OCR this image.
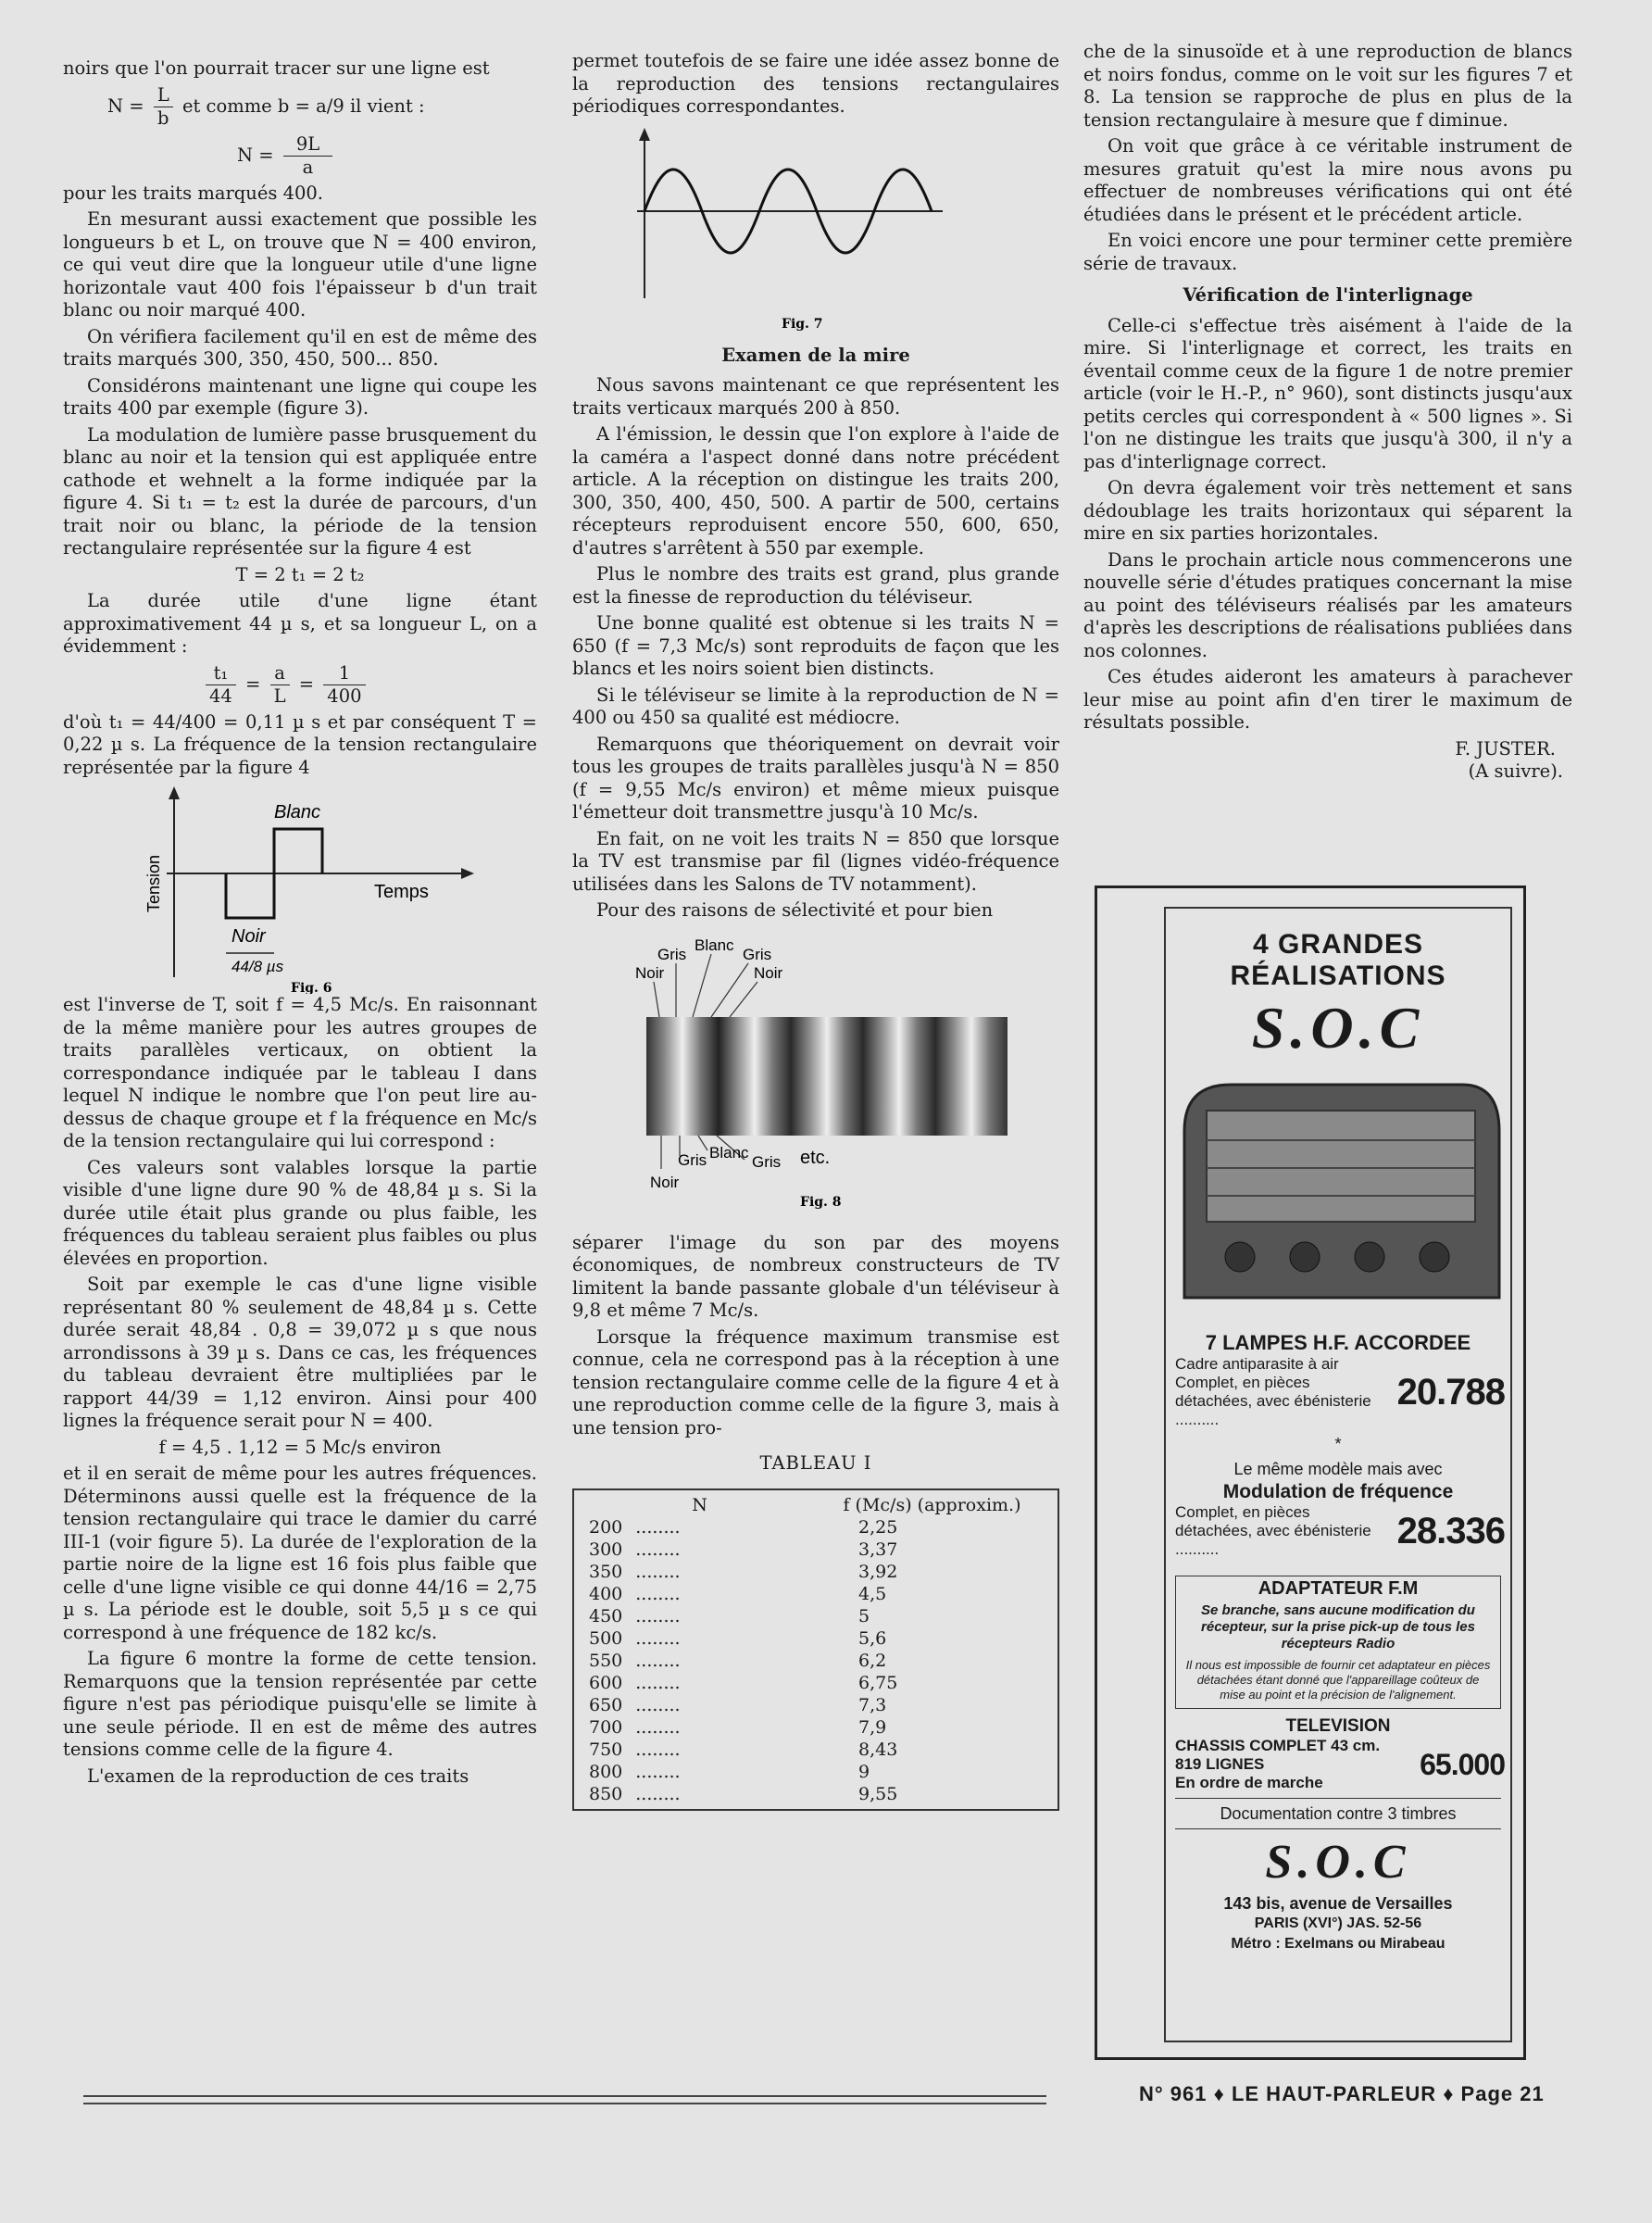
noirs que l'on pourrait tracer sur une ligne est

$N = \frac{L}{b}$ et comme b = a/9 il vient :
$N = \frac{9L}{a}$

pour les traits marqués 400.

En mesurant aussi exactement que possible les longueurs b et L, on trouve que N = 400 environ, ce qui veut dire que la longueur utile d'une ligne horizontale vaut 400 fois l'épaisseur b d'un trait blanc ou noir marqué 400.

On vérifiera facilement qu'il en est de même des traits marqués 300, 350, 450, 500... 850.

Considérons maintenant une ligne qui coupe les traits 400 par exemple (figure 3).

La modulation de lumière passe brusquement du blanc au noir et la tension qui est appliquée entre cathode et wehnelt a la forme indiquée par la figure 4. Si t₁ = t₂ est la durée de parcours, d'un trait noir ou blanc, la période de la tension rectangulaire représentée sur la figure 4 est

T = 2 t₁ = 2 t₂

La durée utile d'une ligne étant approximativement 44 µ s, et sa longueur L, on a évidemment :

$\frac{\text{t₁}}{44} = \frac{a}{L} = \frac{1}{400}$

d'où t₁ = 44/400 = 0,11 µ s et par conséquent T = 0,22 µ s. La fréquence de la tension rectangulaire représentée par la figure 4

Blanc
Noir
Temps
Tension
44/8 µs
Fig. 6

est l'inverse de T, soit f = 4,5 Mc/s. En raisonnant de la même manière pour les autres groupes de traits parallèles verticaux, on obtient la correspondance indiquée par le tableau I dans lequel N indique le nombre que l'on peut lire au-dessus de chaque groupe et f la fréquence en Mc/s de la tension rectangulaire qui lui correspond :

Ces valeurs sont valables lorsque la partie visible d'une ligne dure 90 % de 48,84 µ s. Si la durée utile était plus grande ou plus faible, les fréquences du tableau seraient plus faibles ou plus élevées en proportion.

Soit par exemple le cas d'une ligne visible représentant 80 % seulement de 48,84 µ s. Cette durée serait 48,84 . 0,8 = 39,072 µ s que nous arrondissons à 39 µ s. Dans ce cas, les fréquences du tableau devraient être multipliées par le rapport 44/39 = 1,12 environ. Ainsi pour 400 lignes la fréquence serait pour N = 400.

f = 4,5 . 1,12 = 5 Mc/s environ

et il en serait de même pour les autres fréquences. Déterminons aussi quelle est la fréquence de la tension rectangulaire qui trace le damier du carré III-1 (voir figure 5). La durée de l'exploration de la partie noire de la ligne est 16 fois plus faible que celle d'une ligne visible ce qui donne 44/16 = 2,75 µ s. La période est le double, soit 5,5 µ s ce qui correspond à une fréquence de 182 kc/s.

La figure 6 montre la forme de cette tension. Remarquons que la tension représentée par cette figure n'est pas périodique puisqu'elle se limite à une seule période. Il en est de même des autres tensions comme celle de la figure 4.

L'examen de la reproduction de ces traits

permet toutefois de se faire une idée assez bonne de la reproduction des tensions rectangulaires périodiques correspondantes.

Fig. 7

Examen de la mire

Nous savons maintenant ce que représentent les traits verticaux marqués 200 à 850.

A l'émission, le dessin que l'on explore à l'aide de la caméra a l'aspect donné dans notre précédent article. A la réception on distingue les traits 200, 300, 350, 400, 450, 500. A partir de 500, certains récepteurs reproduisent encore 550, 600, 650, d'autres s'arrêtent à 550 par exemple.

Plus le nombre des traits est grand, plus grande est la finesse de reproduction du téléviseur.

Une bonne qualité est obtenue si les traits N = 650 (f = 7,3 Mc/s) sont reproduits de façon que les blancs et les noirs soient bien distincts.

Si le téléviseur se limite à la reproduction de N = 400 ou 450 sa qualité est médiocre.

Remarquons que théoriquement on devrait voir tous les groupes de traits parallèles jusqu'à N = 850 (f = 9,55 Mc/s environ) et même mieux puisque l'émetteur doit transmettre jusqu'à 10 Mc/s.

En fait, on ne voit les traits N = 850 que lorsque la TV est transmise par fil (lignes vidéo-fréquence utilisées dans les Salons de TV notamment).

Pour des raisons de sélectivité et pour bien

Gris
Blanc
Gris
Noir	Noir
Gris Blanc
Gris
Noir
etc.
Fig. 8

séparer l'image du son par des moyens économiques, de nombreux constructeurs de TV limitent la bande passante globale d'un téléviseur à 9,8 et même 7 Mc/s.

Lorsque la fréquence maximum transmise est connue, cela ne correspond pas à la réception à une tension rectangulaire comme celle de la figure 4 et à une reproduction comme celle de la figure 3, mais à une tension pro-

TABLEAU I
N	f (Mc/s) (approxim.)
200 ........	2,25
300 ........	3,37
350 ........	3,92
400 ........	4,5
450 ........	5
500 ........	5,6
550 ........	6,2
600 ........	6,75
650 ........	7,3
700 ........	7,9
750 ........	8,43
800 ........	9
850 ........	9,55

che de la sinusoïde et à une reproduction de blancs et noirs fondus, comme on le voit sur les figures 7 et 8. La tension se rapproche de plus en plus de la tension rectangulaire à mesure que f diminue.

On voit que grâce à ce véritable instrument de mesures gratuit qu'est la mire nous avons pu effectuer de nombreuses vérifications qui ont été étudiées dans le présent et le précédent article.

En voici encore une pour terminer cette première série de travaux.

Vérification de l'interlignage

Celle-ci s'effectue très aisément à l'aide de la mire. Si l'interlignage et correct, les traits en éventail comme ceux de la figure 1 de notre premier article (voir le H.-P., n° 960), sont distincts jusqu'aux petits cercles qui correspondent à « 500 lignes ». Si l'on ne distingue les traits que jusqu'à 300, il n'y a pas d'interlignage correct.

On devra également voir très nettement et sans dédoublage les traits horizontaux qui séparent la mire en six parties horizontales.

Dans le prochain article nous commencerons une nouvelle série d'études pratiques concernant la mise au point des téléviseurs réalisés par les amateurs d'après les descriptions de réalisations publiées dans nos colonnes.

Ces études aideront les amateurs à parachever leur mise au point afin d'en tirer le maximum de résultats possible.

F. JUSTER.

(A suivre).

4 GRANDES RÉALISATIONS
S.O.C
7 LAMPES H.F. ACCORDEE
Cadre antiparasite à air Complet, en pièces détachées, avec ébénisterie ..........
20.788
*
Le même modèle mais avec
Modulation de fréquence
Complet, en pièces détachées, avec ébénisterie ..........	28.336
ADAPTATEUR F.M
Se branche, sans aucune modification du récepteur, sur la prise pick-up de tous les récepteurs Radio
Il nous est impossible de fournir cet adaptateur en pièces détachées étant donné que l'appareillage coûteux de mise au point et la précision de l'alignement.
TELEVISION
CHASSIS COMPLET 43 cm.
819 LIGNES
En ordre de marche
65.000
Documentation contre 3 timbres
S.O.C
143 bis, avenue de Versailles
PARIS (XVI°) JAS. 52-56
Métro : Exelmans ou Mirabeau
N° 961 ♦ LE HAUT-PARLEUR ♦ Page 21
